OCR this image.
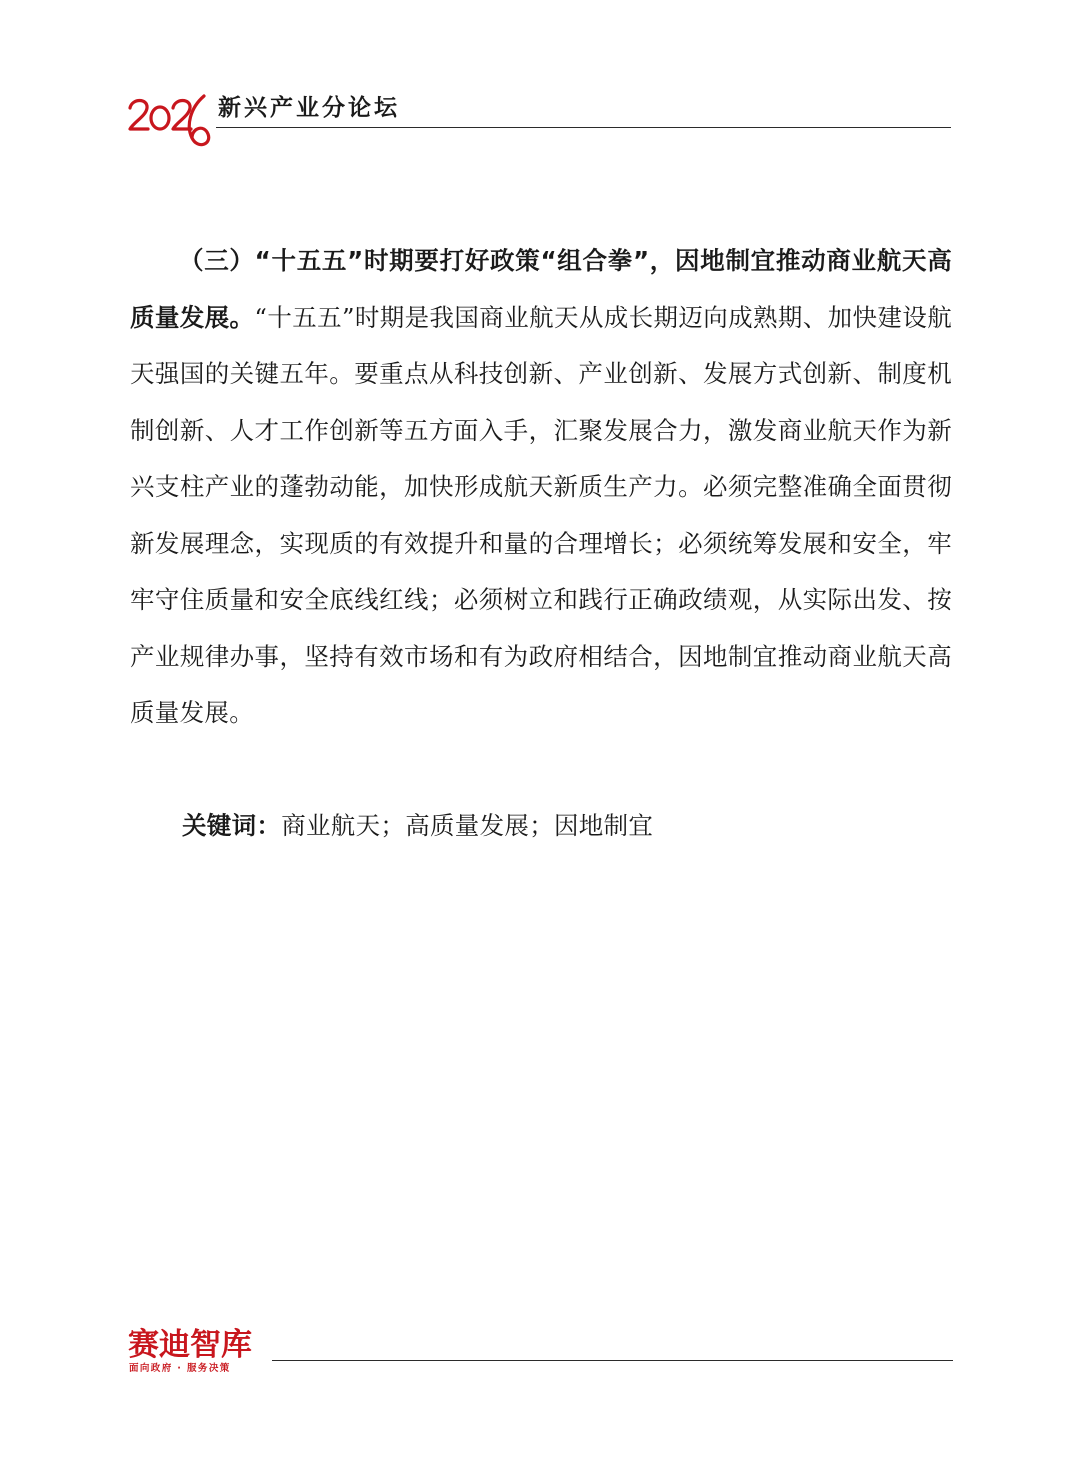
新兴产业分论坛

（三）“十五五”时期要打好政策“组合拳”，因地制宜推动商业航天高质量发展。“十五五”时期是我国商业航天从成长期迈向成熟期、加快建设航天强国的关键五年。要重点从科技创新、产业创新、发展方式创新、制度机制创新、人才工作创新等五方面入手，汇聚发展合力，激发商业航天作为新兴支柱产业的蓬勃动能，加快形成航天新质生产力。必须完整准确全面贯彻新发展理念，实现质的有效提升和量的合理增长；必须统筹发展和安全，牢牢守住质量和安全底线红线；必须树立和践行正确政绩观，从实际出发、按产业规律办事，坚持有效市场和有为政府相结合，因地制宜推动商业航天高质量发展。

关键词：商业航天；高质量发展；因地制宜
赛迪智库
面向政府 · 服务决策
